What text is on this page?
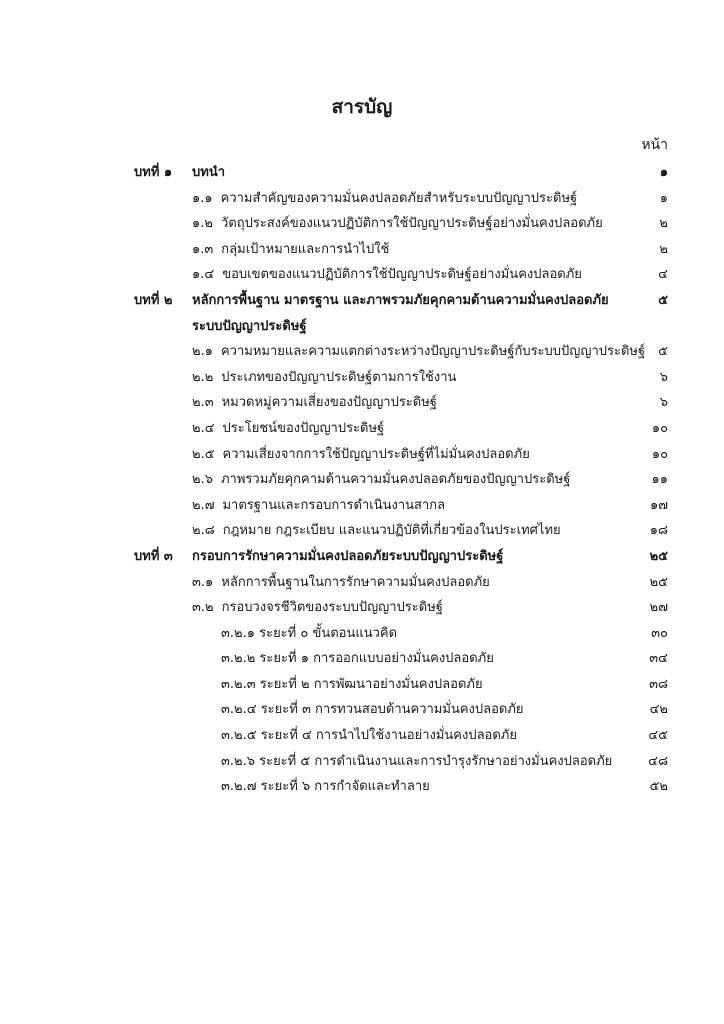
สารบัญ
หน้า
บทที่ ๑ บทนำ	๑
๑.๑ ความสำคัญของความมั่นคงปลอดภัยสำหรับระบบปัญญาประดิษฐ์	๑
๑.๒ วัตถุประสงค์ของแนวปฏิบัติการใช้ปัญญาประดิษฐ์อย่างมั่นคงปลอดภัย	๒
๑.๓ กลุ่มเป้าหมายและการนำไปใช้	๒
๑.๔ ขอบเขตของแนวปฏิบัติการใช้ปัญญาประดิษฐ์อย่างมั่นคงปลอดภัย	๔
บทที่ ๒ หลักการพื้นฐาน มาตรฐาน และภาพรวมภัยคุกคามด้านความมั่นคงปลอดภัย	๕
ระบบปัญญาประดิษฐ์
๒.๑ ความหมายและความแตกต่างระหว่างปัญญาประดิษฐ์กับระบบปัญญาประดิษฐ์ ๕
๒.๒ ประเภทของปัญญาประดิษฐ์ตามการใช้งาน	๖
๒.๓ หมวดหมู่ความเสี่ยงของปัญญาประดิษฐ์	๖
๒.๔ ประโยชน์ของปัญญาประดิษฐ์	๑๐
๒.๕ ความเสี่ยงจากการใช้ปัญญาประดิษฐ์ที่ไม่มั่นคงปลอดภัย	๑๐
๒.๖ ภาพรวมภัยคุกคามด้านความมั่นคงปลอดภัยของปัญญาประดิษฐ์	๑๑
๒.๗ มาตรฐานและกรอบการดำเนินงานสากล	๑๗
๒.๘ กฎหมาย กฎระเบียบ และแนวปฏิบัติที่เกี่ยวข้องในประเทศไทย	๑๘
บทที่ ๓ กรอบการรักษาความมั่นคงปลอดภัยระบบปัญญาประดิษฐ์	๒๕
๓.๑ หลักการพื้นฐานในการรักษาความมั่นคงปลอดภัย	๒๕
๓.๒ กรอบวงจรชีวิตของระบบปัญญาประดิษฐ์	๒๗
๓.๒.๑ ระยะที่ ๐ ขั้นตอนแนวคิด	๓๐
๓.๒.๒ ระยะที่ ๑ การออกแบบอย่างมั่นคงปลอดภัย	๓๔
๓.๒.๓ ระยะที่ ๒ การพัฒนาอย่างมั่นคงปลอดภัย	๓๘
๓.๒.๔ ระยะที่ ๓ การทวนสอบด้านความมั่นคงปลอดภัย	๔๒
๓.๒.๕ ระยะที่ ๔ การนำไปใช้งานอย่างมั่นคงปลอดภัย	๔๕
๓.๒.๖ ระยะที่ ๕ การดำเนินงานและการบำรุงรักษาอย่างมั่นคงปลอดภัย	๔๘
๓.๒.๗ ระยะที่ ๖ การกำจัดและทำลาย	๕๒
